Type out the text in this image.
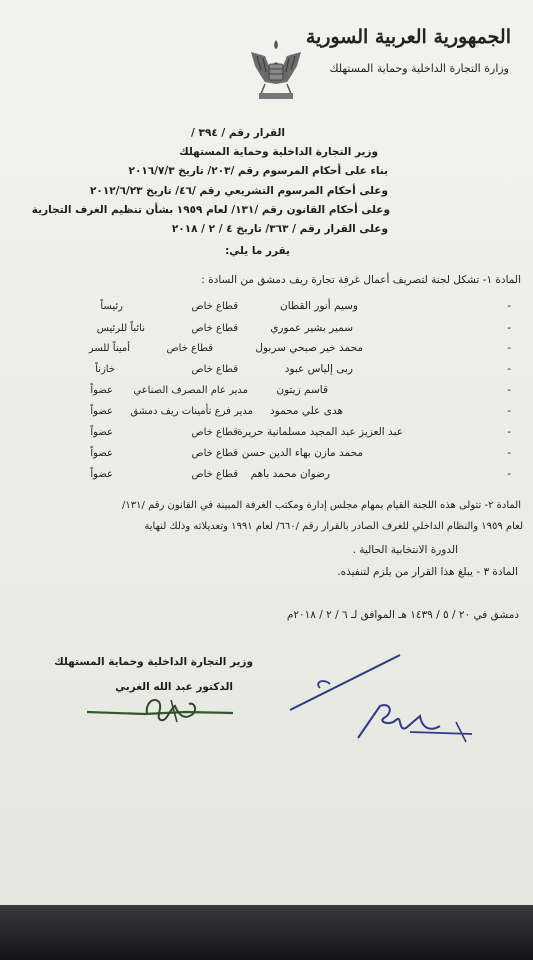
الجمهورية العربية السورية
وزارة التجارة الداخلية وحماية المستهلك
القرار رقم / ٣٩٤ /
وزير التجارة الداخلية وحماية المستهلك
بناء على أحكام المرسوم رقم /٢٠٣/ تاريخ ٢٠١٦/٧/٣
وعلى أحكام المرسوم التشريعي رقم /٤٦/ تاريخ ٢٠١٢/٦/٢٣
وعلى أحكام القانون رقم /١٣١/ لعام ١٩٥٩ بشأن تنظيم الغرف التجارية
وعلى القرار رقم / ٣٦٣/ تاريخ ٤ / ٢ / ٢٠١٨
يقرر ما يلي:
المادة ١- تشكل لجنة لتصريف أعمال غرفة تجارة ريف دمشق من السادة :
-
وسيم أنور القطان
قطاع خاص
رئيساً
-
سمير بشير عموري
قطاع خاص
نائباً للرئيس
-
محمد خير صبحي سربول
قطاع خاص
أميناً للسر
-
ربى إلياس عبود
قطاع خاص
خازناً
-
قاسم زيتون
مدير عام المصرف الصناعي
عضواً
-
هدى علي محمود
مدير فرع تأمينات ريف دمشق
عضواً
-
عبد العزيز عبد المجيد مسلمانية حريرة
قطاع خاص
عضواً
-
محمد مازن بهاء الدين حسن
قطاع خاص
عضواً
-
رضوان محمد باهم
قطاع خاص
عضواً
المادة ٢- تتولى هذه اللجنة القيام بمهام مجلس إدارة ومكتب الغرفة المبينة في القانون رقم /١٣١/
لعام ١٩٥٩ والنظام الداخلي للغرف الصادر بالقرار رقم /٦٦٠/ لعام ١٩٩١ وتعديلاته وذلك لنهاية
الدورة الانتخابية الحالية .
المادة ٣ - يبلغ هذا القرار من يلزم لتنفيذه.
دمشق في ٢٠ / ٥ / ١٤٣٩ هـ الموافق لـ ٦ / ٢ / ٢٠١٨م
وزير التجارة الداخلية وحماية المستهلك
الدكتور عبد الله الغربي
